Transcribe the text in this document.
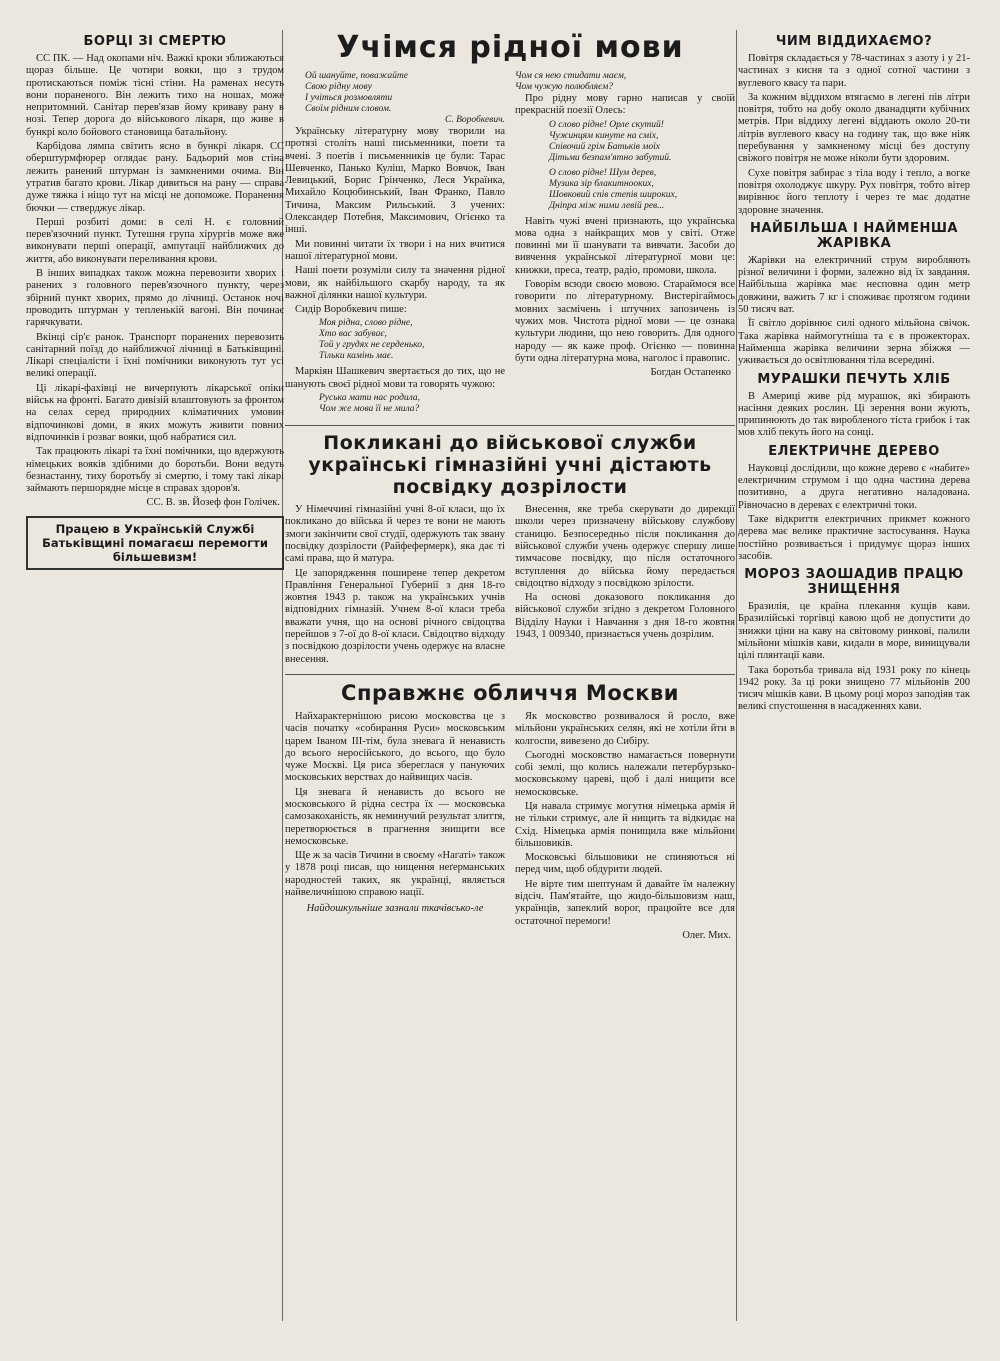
БОРЦІ ЗІ СМЕРТЮ

СС ПК. — Над окопами ніч. Важкі кроки зближаються щораз більше. Це чотири вояки, що з трудом протискаються поміж тісні стіни. На раменах несуть вони пораненого. Він лежить тихо на ношах, може непритомний. Санітар перев'язав йому криваву рану в нозі. Тепер дорога до військового лікаря, що живе в бункрі коло бойового становища батальйону.

Карбідова лямпа світить ясно в бункрі лікаря. СС оберштурмфюрер оглядає рану. Бадьорий мов стіна лежить ранений штурман із замкненими очима. Він утратив багато крови. Лікар дивиться на рану — справа дуже тяжка і ніщо тут на місці не допоможе. Поранення бючки — стверджує лікар.

Перші розбиті доми: в селі Н. є головний перев'язочний пункт. Тутешня група хірургів може вже виконувати перші операції, ампутації найближчих до життя, або виконувати переливання крови.

В інших випадках також можна перевозити хворих і ранених з головного перев'язочного пункту, через збірний пункт хворих, прямо до лічниці. Останок ночі проводить штурман у тепленькій вагоні. Він починає гарячкувати.

Вкінці сір'є ранок. Транспорт поранених перевозить санітарний поїзд до найближчої лічниці в Батьківщині. Лікарі спеціалісти і їхні помічники виконують тут усі великі операції.

Ці лікарі-фахівці не вичерпують лікарської опіки військ на фронті. Багато дивізій влаштовують за фронтом на селах серед природних кліматичних умовин відпочинкові доми, в яких можуть живити повних відпочинків і розваг вояки, щоб набратися сил.

Так працюють лікарі та їхні помічники, що вдержують німецьких вояків здібними до боротьби. Вони ведуть безнастанну, тиху боротьбу зі смертю, і тому такі лікарі займають першорядне місце в справах здоров'я.

СС. В. зв. Йозеф фон Голічек.
Працею в Українській Службі Батьківщині помагаєш перемогти більшевизм!
Учімся рідної мови
Ой шануйте, поважайте
Свою рідну мову
І учіться розмовляти
Своїм рідним словом.
С. Воробкевич.

Українську літературну мову творили на протязі століть наші письменники, поети та вчені. З поетів і письменників це були: Тарас Шевченко, Панько Куліш, Марко Вовчок, Іван Левицький, Борис Грінченко, Леся Українка, Михайло Коцюбинський, Іван Франко, Павло Тичина, Максим Рильський. З учених: Олександер Потебня, Максимович, Огієнко та інші.

Ми повинні читати їх твори і на них вчитися нашої літературної мови.

Наші поети розуміли силу та значення рідної мови, як найбільшого скарбу народу, та як важної ділянки нашої культури.

Сидір Воробкевич пише:

Моя рідна, слово рідне,
Хто вас забуває,
Той у грудях не серденько,
Тільки камінь має.

Маркіян Шашкевич звертається до тих, що не шанують своєї рідної мови та говорять чужою:

Руська мати нас родила,
Чом же мова її не мила?
Чом ся нею стидати маєм,
Чом чужую полюбляєм?

Про рідну мову гарно написав у своїй прекрасній поезії Олесь:

О слово рідне! Орле скутий!
Чужинцям кинуте на сміх,
Співочий грім Батьків моїх
Дітьми безпам'ятно забутий.
О слово рідне! Шум дерев,
Музика зір блакитнооких,
Шовковий спів степів широких,
Дніпра між ними левій рев...

Навіть чужі вчені признають, що українська мова одна з найкращих мов у світі. Отже повинні ми її шанувати та вивчати. Засоби до вивчення української літературної мови це: книжки, преса, театр, радіо, промови, школа.

Говорім всюди своєю мовою. Стараймося все говорити по літературному. Вистерігаймось мовних засмічень і штучних запозичень із чужих мов. Чистота рідної мови — це ознака культури людини, що нею говорить. Для одного народу — як каже проф. Огієнко — повинна бути одна літературна мова, наголос і правопис.

Богдан Остапенко
Покликані до військової служби українські гімназійні учні дістають посвідку дозрілости

У Німеччині гімназійні учні 8-ої класи, що їх покликано до війська й через те вони не мають змоги закінчити свої студії, одержують так звану посвідку дозрілости (Райфефермерк), яка дає ті самі права, що й матура.

Це запорядження поширене тепер декретом Правління Генеральної Губернії з дня 18-го жовтня 1943 р. також на українських учнів відповідних гімназій. Учнем 8-ої класи треба вважати учня, що на основі річного свідоцтва перейшов з 7-ої до 8-ої класи. Свідоцтво відходу з посвідкою дозрілости учень одержує на власне внесення.

Внесення, яке треба скерувати до дирекції школи через призначену військову службову станицю. Безпосередньо після покликання до військової служби учень одержує спершу лише тимчасове посвідку, що після остаточного вступлення до війська йому передається свідоцтво відходу з посвідкою зрілости.

На основі доказового покликання до військової служби згідно з декретом Головного Відділу Науки і Навчання з дня 18-го жовтня 1943, 1 009340, признається учень дозрілим.

Справжнє обличчя Москви

Найхарактернішою рисою московства це з часів початку «собирання Руси» московським царем Іваном III-тім, була зневага й ненависть до всього неросійського, до всього, що було чуже Москві. Ця риса збереглася у пануючих московських верствах до найвищих часів.

Ця зневага й ненависть до всього не московського й рідна сестра їх — московська самозакоханість, як неминучий результат злиття, перетворюється в прагнення знищити все немосковське.

Ще ж за часів Тичини в своєму «Нагаті» також у 1878 році писав, що нищення неґерманських народностей таких, як українці, являється найвеличнішою справою нації.

Найдошкульніше зазнали ткачівсько-ле

Як московство розвивалося й росло, вже мільйони українських селян, які не хотіли йти в колгоспи, вивезено до Сибіру.

Сьогодні московство намагається повернути собі землі, що колись належали петербурзько-московському цареві, щоб і далі нищити все немосковське.

Ця навала стримує могутня німецька армія й не тільки стримує, але й нищить та відкидає на Схід. Німецька армія понищила вже мільйони більшовиків.

Московські більшовики не спиняються ні перед чим, щоб обдурити людей.

Не вірте тим шептунам й давайте їм належну відсіч. Пам'ятайте, що жидо-більшовизм наш, українців, запеклий ворог, працюйте все для остаточної перемоги!

Олег. Мих.
ЧИМ ВІДДИХАЄМО?

Повітря складається у 78-частинах з азоту і у 21-частинах з кисня та з одної сотної частини з вуглевого квасу та пари.

За кожним віддихом втягаємо в легені пів літри повітря, тобто на добу около дванадцяти кубічних метрів. При віддиху легені віддають около 20-ти літрів вуглевого квасу на годину так, що вже ніяк перебування у замкненому місці без доступу свіжого повітря не може ніколи бути здоровим.

Сухе повітря забирає з тіла воду і тепло, а вогке повітря охолоджує шкуру. Рух повітря, тобто вітер вирівнює його теплоту і через те має додатне здоровне значення.

НАЙБІЛЬША І НАЙМЕНША ЖАРІВКА

Жарівки на електричний струм виробляють різної величини і форми, залежно від їх завдання. Найбільша жарівка має несповна один метр довжини, важить 7 кг і споживає протягом години 50 тисяч ват.

Її світло дорівнює силі одного мільйона свічок. Така жарівка наймогутніша та є в прожекторах. Найменша жарівка величини зерна збіжжя — уживається до освітлювання тіла всередині.

МУРАШКИ ПЕЧУТЬ ХЛІБ

В Америці живе рід мурашок, які збирають насіння деяких рослин. Ці зерення вони жують, припинюють до так виробленого тіста грибок і так мов хліб пекуть його на сонці.

ЕЛЕКТРИЧНЕ ДЕРЕВО

Науковці дослідили, що кожне дерево є «набите» електричним струмом і що одна частина дерева позитивно, а друга негативно наладована. Рівночасно в деревах є електричні токи.

Таке відкриття електричних прикмет кожного дерева має велике практичне застосування. Наука постійно розвивається і придумує щораз інших засобів.

МОРОЗ ЗАОШАДИВ ПРАЦЮ ЗНИЩЕННЯ

Бразилія, це країна плекання кущів кави. Бразилійські торгівці кавою щоб не допустити до знижки ціни на каву на світовому ринкові, палили мільйони мішків кави, кидали в море, винищували цілі плянтації кави.

Така боротьба тривала від 1931 року по кінець 1942 року. За ці роки знищено 77 мільйонів 200 тисяч мішків кави. В цьому році мороз заподіяв так великі спустошення в насадженнях кави.
